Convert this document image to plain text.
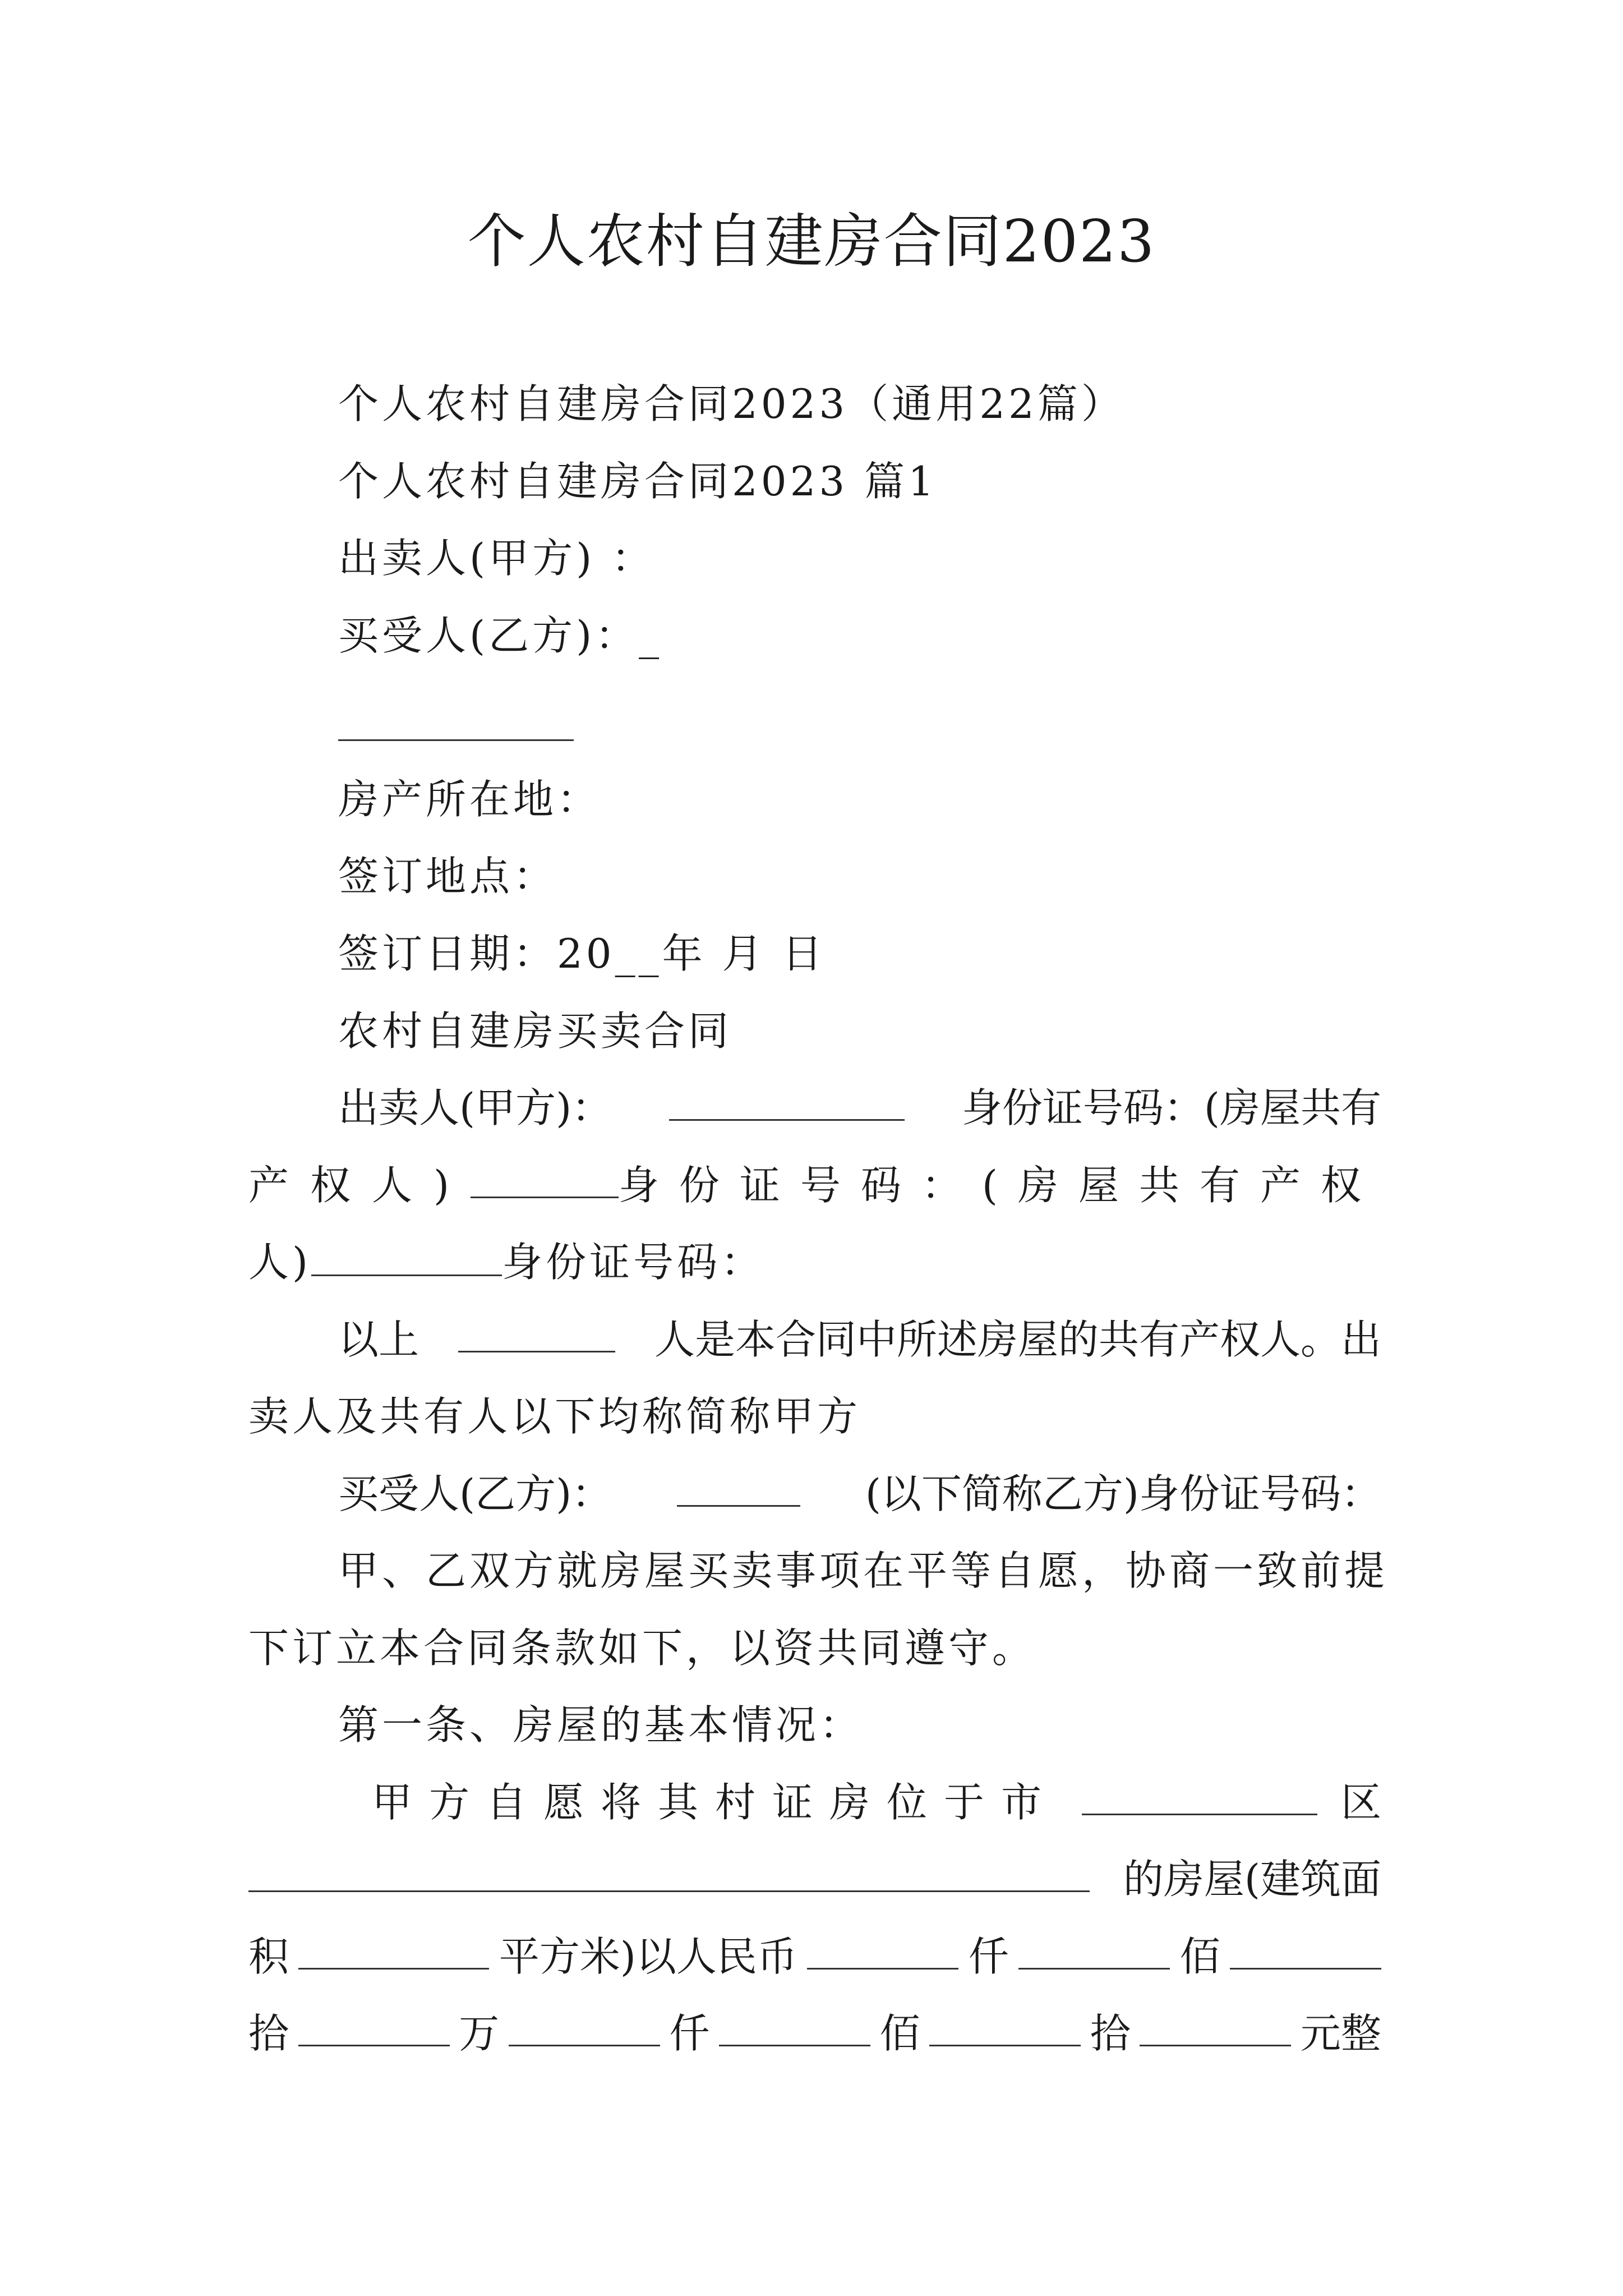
个人农村自建房合同2023
个人农村自建房合同2023（通用22篇）
个人农村自建房合同2023 篇1
出卖人(甲方) ：
买受人(乙方)：_
房产所在地：
签订地点：
签订日期：20__年 月 日
农村自建房买卖合同
出卖人(甲方)：	身份证号码：(房屋共有
产权人)	身份证号码：(房屋共有产权
人)	身份证号码：
以上	人是本合同中所述房屋的共有产权人。出
卖人及共有人以下均称简称甲方
买受人(乙方)：	(以下简称乙方)身份证号码：
甲、乙双方就房屋买卖事项在平等自愿，协商一致前提
下订立本合同条款如下，以资共同遵守。
第一条、房屋的基本情况：
甲方自愿将其村证房位于市	区
的房屋(建筑面
积	平方米)以人民币	仟	佰
拾	万	仟	佰	拾	元整
